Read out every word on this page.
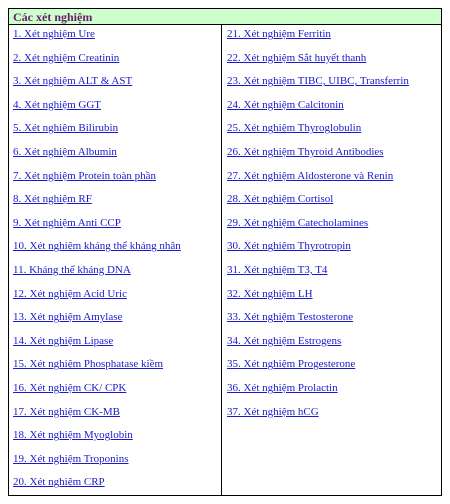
Các xét nghiệm
1. Xét nghiệm Ure
2. Xét nghiệm Creatinin
3. Xét nghiệm ALT & AST
4. Xét nghiệm GGT
5. Xét nghiệm Bilirubin
6. Xét nghiệm Albumin
7. Xét nghiệm Protein toàn phần
8. Xét nghiệm RF
9. Xét nghiệm Anti CCP
10. Xét nghiệm kháng thể kháng nhân
11. Kháng thể kháng DNA
12. Xét nghiệm Acid Uric
13. Xét nghiệm Amylase
14. Xét nghiệm Lipase
15. Xét nghiệm Phosphatase kiềm
16. Xét nghiệm CK/ CPK
17. Xét nghiệm CK-MB
18. Xét nghiệm Myoglobin
19. Xét nghiệm Troponins
20. Xét nghiệm CRP
21. Xét nghiệm Ferritin
22. Xét nghiệm Sắt huyết thanh
23. Xét nghiệm TIBC, UIBC, Transferrin
24. Xét nghiệm Calcitonin
25. Xét nghiệm Thyroglobulin
26. Xét nghiệm Thyroid Antibodies
27. Xét nghiệm Aldosterone và Renin
28. Xét nghiệm Cortisol
29. Xét nghiệm Catecholamines
30. Xét nghiệm Thyrotropin
31. Xét nghiệm T3, T4
32. Xét nghiệm LH
33. Xét nghiệm Testosterone
34. Xét nghiệm Estrogens
35. Xét nghiệm Progesterone
36. Xét nghiệm Prolactin
37. Xét nghiệm hCG
